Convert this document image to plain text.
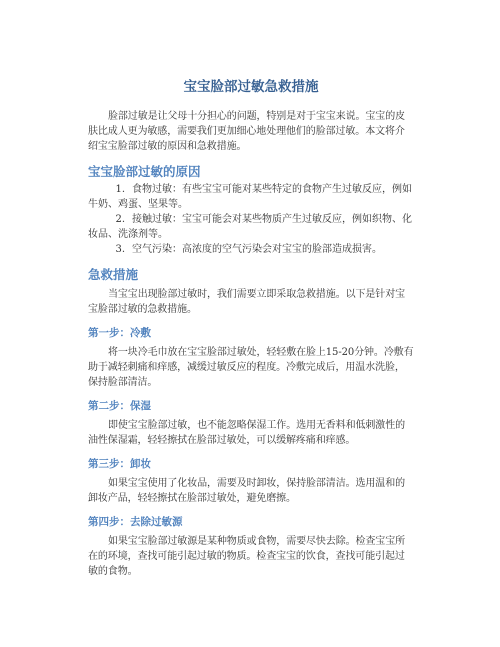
宝宝脸部过敏急救措施

脸部过敏是让父母十分担心的问题，特别是对于宝宝来说。宝宝的皮肤比成人更为敏感，需要我们更加细心地处理他们的脸部过敏。本文将介绍宝宝脸部过敏的原因和急救措施。

宝宝脸部过敏的原因
1. 食物过敏：有些宝宝可能对某些特定的食物产生过敏反应，例如牛奶、鸡蛋、坚果等。
2. 接触过敏：宝宝可能会对某些物质产生过敏反应，例如织物、化妆品、洗涤剂等。
3. 空气污染：高浓度的空气污染会对宝宝的脸部造成损害。
急救措施

当宝宝出现脸部过敏时，我们需要立即采取急救措施。以下是针对宝宝脸部过敏的急救措施。

第一步：冷敷

将一块冷毛巾放在宝宝脸部过敏处，轻轻敷在脸上15-20分钟。冷敷有助于减轻刺痛和痒感，减缓过敏反应的程度。冷敷完成后，用温水洗脸，保持脸部清洁。

第二步：保湿

即使宝宝脸部过敏，也不能忽略保湿工作。选用无香料和低刺激性的油性保湿霜，轻轻擦拭在脸部过敏处，可以缓解疼痛和痒感。

第三步：卸妆

如果宝宝使用了化妆品，需要及时卸妆，保持脸部清洁。选用温和的卸妆产品，轻轻擦拭在脸部过敏处，避免磨擦。

第四步：去除过敏源

如果宝宝脸部过敏源是某种物质或食物，需要尽快去除。检查宝宝所在的环境，查找可能引起过敏的物质。检查宝宝的饮食，查找可能引起过敏的食物。
